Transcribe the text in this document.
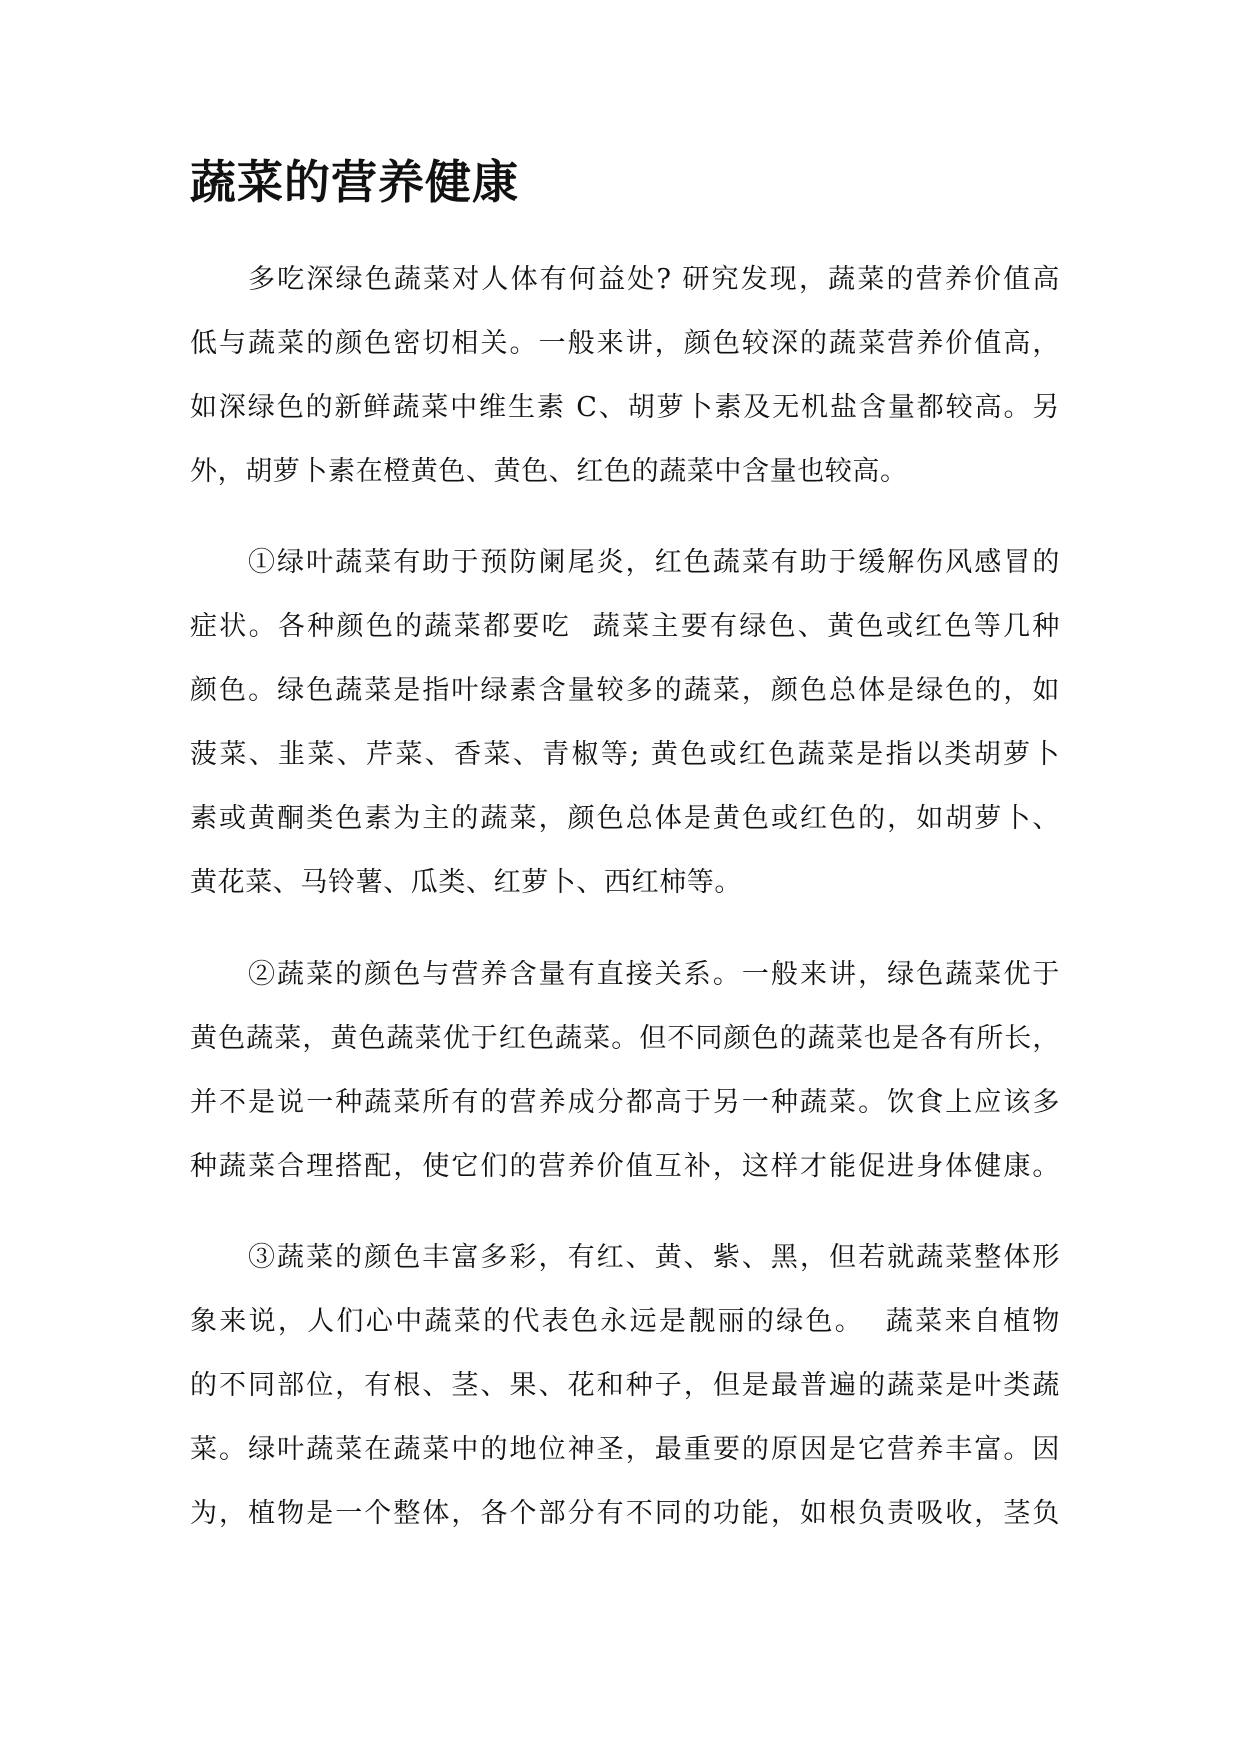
蔬菜的营养健康
多吃深绿色蔬菜对人体有何益处? 研究发现，蔬菜的营养价值高
低与蔬菜的颜色密切相关。一般来讲，颜色较深的蔬菜营养价值高，
如深绿色的新鲜蔬菜中维生素 C、胡萝卜素及无机盐含量都较高。另
外，胡萝卜素在橙黄色、黄色、红色的蔬菜中含量也较高。
①绿叶蔬菜有助于预防阑尾炎，红色蔬菜有助于缓解伤风感冒的
症状。各种颜色的蔬菜都要吃  蔬菜主要有绿色、黄色或红色等几种
颜色。绿色蔬菜是指叶绿素含量较多的蔬菜，颜色总体是绿色的，如
菠菜、韭菜、芹菜、香菜、青椒等; 黄色或红色蔬菜是指以类胡萝卜
素或黄酮类色素为主的蔬菜，颜色总体是黄色或红色的，如胡萝卜、
黄花菜、马铃薯、瓜类、红萝卜、西红柿等。
②蔬菜的颜色与营养含量有直接关系。一般来讲，绿色蔬菜优于
黄色蔬菜，黄色蔬菜优于红色蔬菜。但不同颜色的蔬菜也是各有所长，
并不是说一种蔬菜所有的营养成分都高于另一种蔬菜。饮食上应该多
种蔬菜合理搭配，使它们的营养价值互补，这样才能促进身体健康。
③蔬菜的颜色丰富多彩，有红、黄、紫、黑，但若就蔬菜整体形
象来说，人们心中蔬菜的代表色永远是靓丽的绿色。  蔬菜来自植物
的不同部位，有根、茎、果、花和种子，但是最普遍的蔬菜是叶类蔬
菜。绿叶蔬菜在蔬菜中的地位神圣，最重要的原因是它营养丰富。因
为，植物是一个整体，各个部分有不同的功能，如根负责吸收，茎负
